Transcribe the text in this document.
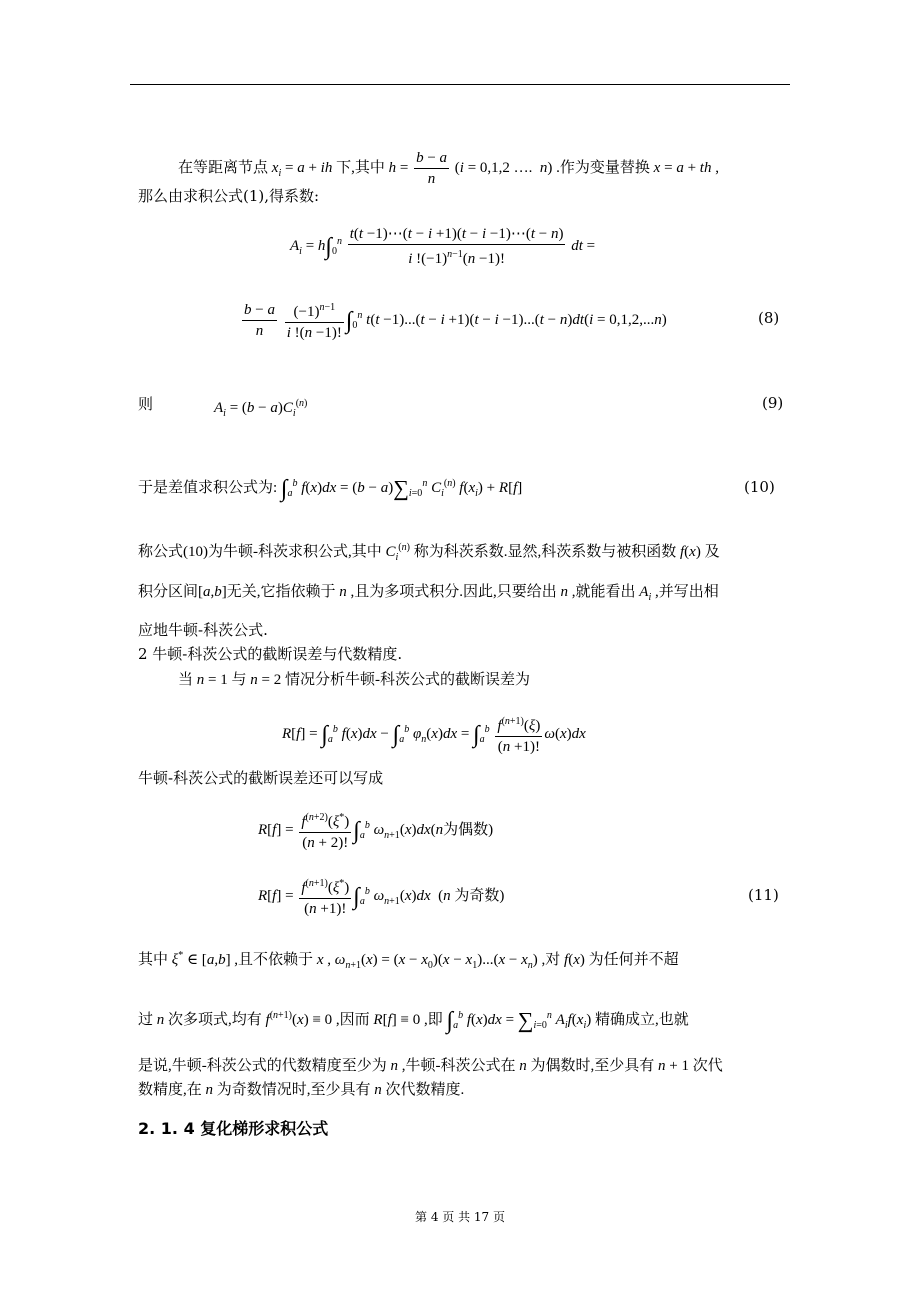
在等距离节点 $x_i = a$ + ih 下,其中 $h = \frac{b - a}{n} (i = 0,1,2$ ….  n) .作为变量替换 x = a + th ,
那么由求积公式(1),得系数:
$A_i = h\int_0^n \frac{t(t -1)\cdots(t - i +1)(t - i -1)\cdots(t - n)}{i !(-1)^{n-1}(n -1)!}$ dt =
$\frac{b - a}{n}$
$\frac{(-1)^{n-1}}{i !(n -1)!} \int_0^n$ t(t −1)...(t − i +1)(t − i −1)...(t − n)dt(i = 0,1,2,...n)	(8)
则	$A_i = (b - a)C_i^{(n)}$	(9)
于是差值求积公式为: $\int_a^b$ $f(x)dx = (b - a)\sum_{i=0}^n$ $C_i^{(n)}$ $f(x_i) + R[f]$	(10)
称公式(10)为牛顿-科茨求积公式,其中 $C_i^{(n)}$ 称为科茨系数.显然,科茨系数与被积函数 f(x) 及
积分区间[a,b]无关,它指依赖于 n ,且为多项式积分.因此,只要给出 n ,就能看出 $A_i$ ,并写出相
应地牛顿-科茨公式.
2 牛顿-科茨公式的截断误差与代数精度.
当 n = 1 与 n = 2 情况分析牛顿-科茨公式的截断误差为
$R[f] = \int_a^b$ $f(x)dx - \int_a^b$ $\varphi_n(x)dx = \int_a^b \frac{f^{(n+1)}(\xi)}{(n +1)!} \omega(x)dx$
牛顿-科茨公式的截断误差还可以写成
$R[f] = \frac{f^{(n+2)}(\xi^*)}{(n + 2)!} \int_a^b$ $\omega_{n+1}(x)dx(n$为偶数)
$R[f] = \frac{f^{(n+1)}(\xi^*)}{(n +1)!} \int_a^b$ $\omega_{n+1}(x)dx$  (n 为奇数)	(11)
其中 ξ* ∈ [a,b] ,且不依赖于 x , $\omega_{n+1}(x) = (x - x_0)(x - x_1)...(x - x_n)$ ,对 f(x) 为任何并不超
过 n 次多项式,均有 $f^{(n+1)}(x) \equiv 0$ ,因而 R[f] ≡ 0 ,即 $\int_a^b$ $f(x)dx = \sum_{i=0}^n$ $A_if(x_i)$ 精确成立,也就
是说,牛顿-科茨公式的代数精度至少为 n ,牛顿-科茨公式在 n 为偶数时,至少具有 n + 1 次代
数精度,在 n 为奇数情况时,至少具有 n 次代数精度.
2. 1. 4 复化梯形求积公式
第 4 页 共 17 页
